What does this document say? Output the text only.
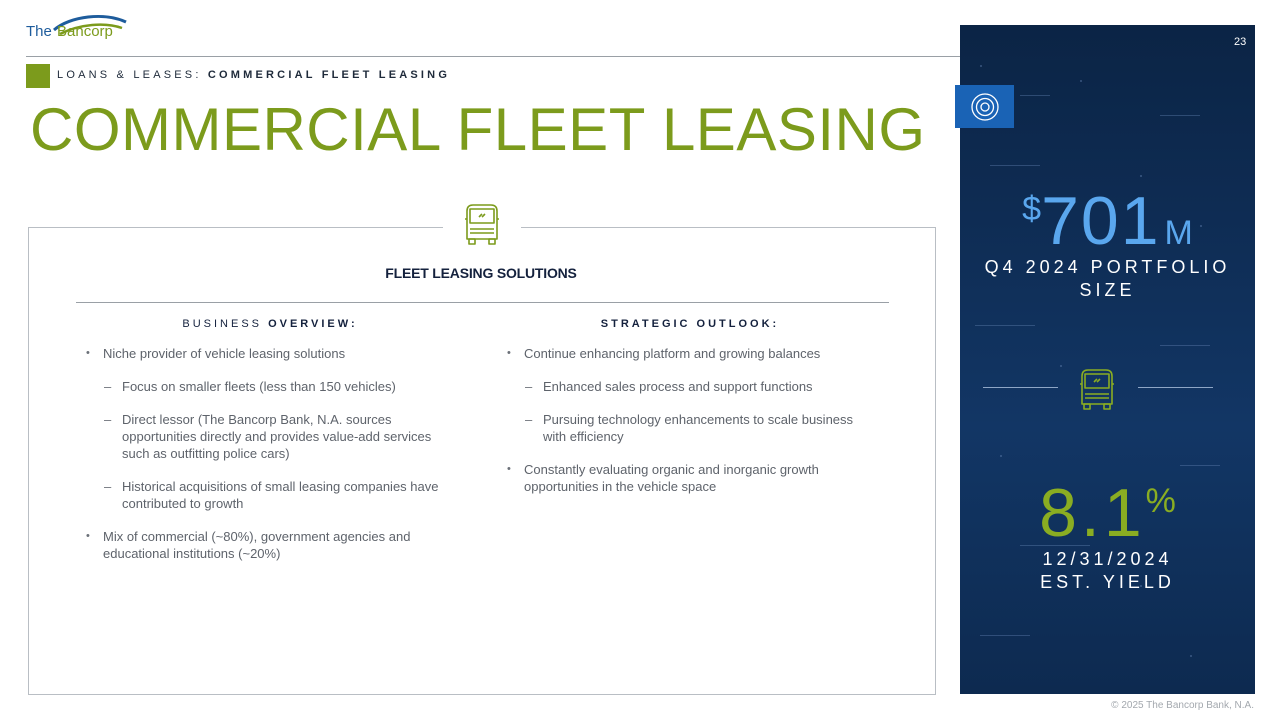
The Bancorp
LOANS & LEASES: COMMERCIAL FLEET LEASING
COMMERCIAL FLEET LEASING
FLEET LEASING SOLUTIONS
BUSINESS OVERVIEW:	STRATEGIC OUTLOOK:
• Niche provider of vehicle leasing solutions
– Focus on smaller fleets (less than 150 vehicles)
– Direct lessor (The Bancorp Bank, N.A. sources opportunities directly and provides value-add services such as outfitting police cars)
– Historical acquisitions of small leasing companies have contributed to growth
• Mix of commercial (~80%), government agencies and educational institutions (~20%)
• Continue enhancing platform and growing balances
– Enhanced sales process and support functions
– Pursuing technology enhancements to scale business with efficiency
• Constantly evaluating organic and inorganic growth opportunities in the vehicle space
23
$701 M
Q4 2024 PORTFOLIO
SIZE
8.1%
12/31/2024
EST. YIELD
© 2025 The Bancorp Bank, N.A.
